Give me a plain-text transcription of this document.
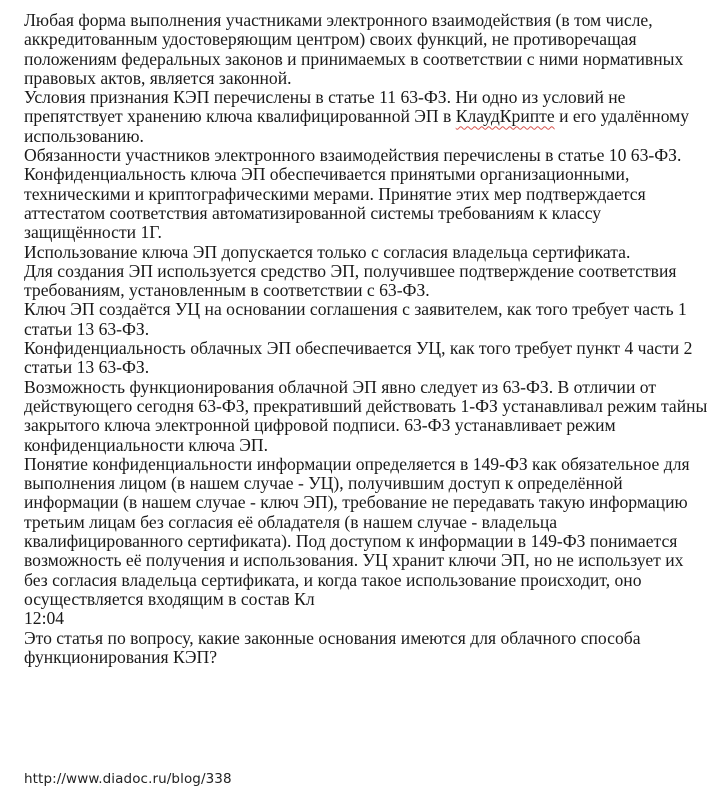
Любая форма выполнения участниками электронного взаимодействия (в том числе, аккредитованным удостоверяющим центром) своих функций, не противоречащая положениям федеральных законов и принимаемых в соответствии с ними нормативных правовых актов, является законной.

Условия признания КЭП перечислены в статье 11 63-ФЗ. Ни одно из условий не препятствует хранению ключа квалифицированной ЭП в КлаудКрипте и его удалённому использованию.

Обязанности участников электронного взаимодействия перечислены в статье 10 63-ФЗ.

Конфиденциальность ключа ЭП обеспечивается принятыми организационными, техническими и криптографическими мерами. Принятие этих мер подтверждается аттестатом соответствия автоматизированной системы требованиям к классу защищённости 1Г.

Использование ключа ЭП допускается только с согласия владельца сертификата.

Для создания ЭП используется средство ЭП, получившее подтверждение соответствия требованиям, установленным в соответствии с 63-ФЗ.

Ключ ЭП создаётся УЦ на основании соглашения с заявителем, как того требует часть 1 статьи 13 63-ФЗ.

Конфиденциальность облачных ЭП обеспечивается УЦ, как того требует пункт 4 части 2 статьи 13 63-ФЗ.

Возможность функционирования облачной ЭП явно следует из 63-ФЗ. В отличии от действующего сегодня 63-ФЗ, прекративший действовать 1-ФЗ устанавливал режим тайны закрытого ключа электронной цифровой подписи. 63-ФЗ устанавливает режим конфиденциальности ключа ЭП.

Понятие конфиденциальности информации определяется в 149-ФЗ как обязательное для выполнения лицом (в нашем случае - УЦ), получившим доступ к определённой информации (в нашем случае - ключ ЭП), требование не передавать такую информацию третьим лицам без согласия её обладателя (в нашем случае - владельца квалифицированного сертификата). Под доступом к информации в 149-ФЗ понимается возможность её получения и использования. УЦ хранит ключи ЭП, но не использует их без согласия владельца сертификата, и когда такое использование происходит, оно осуществляется входящим в состав Кл

12:04

Это статья по вопросу, какие законные основания имеются для облачного способа функционирования КЭП?

http://www.diadoc.ru/blog/338
